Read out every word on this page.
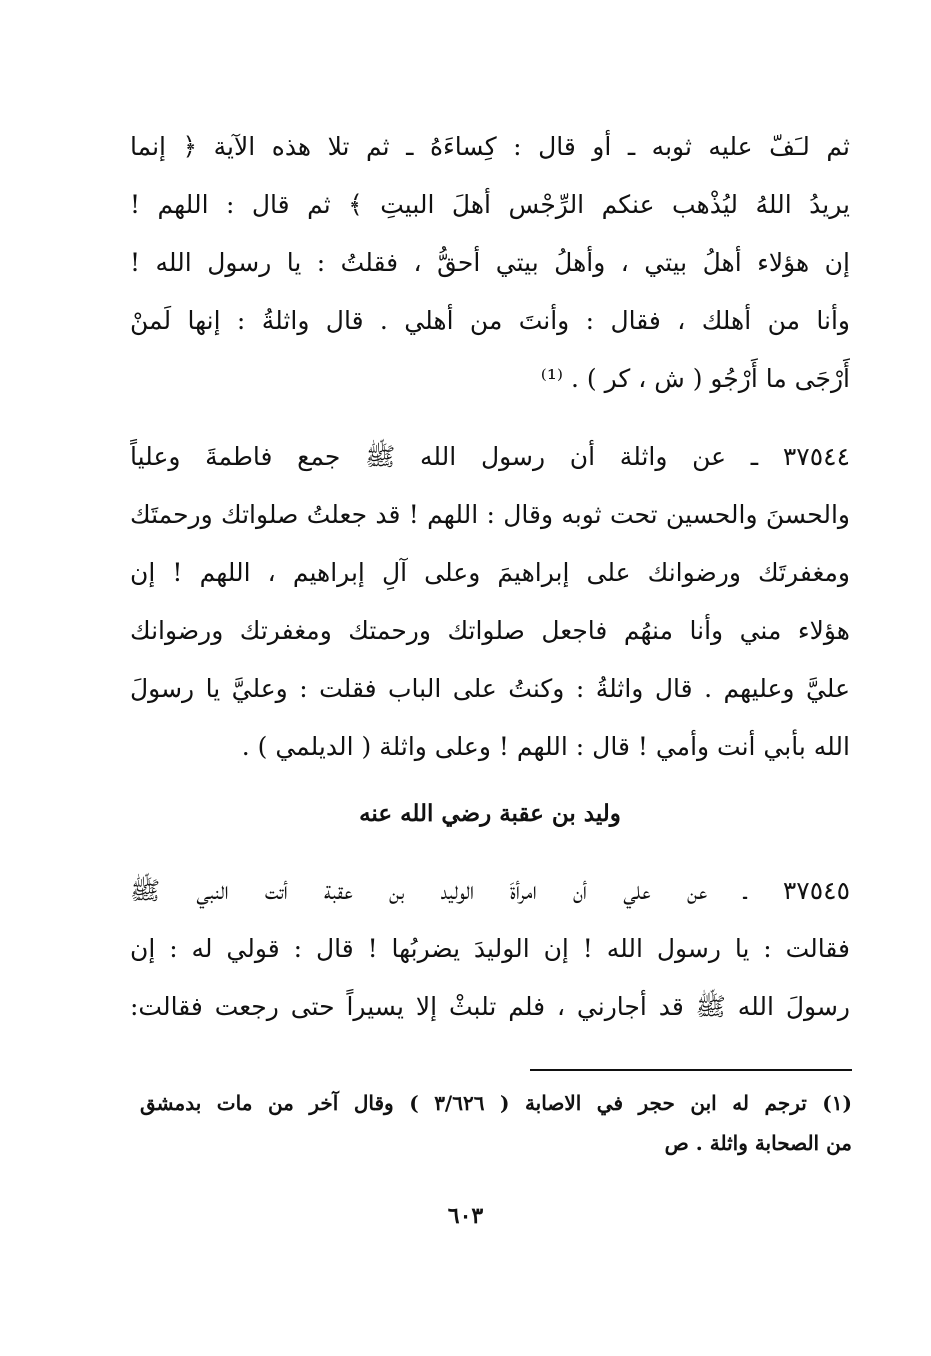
ثم لـَفّ عليه ثوبه ـ أو قال : كِساءَهُ ـ ثم تلا هذه الآية ﴿ إنما
يريدُ اللهُ ليُذْهب عنكم الرِّجْس أهلَ البيتِ ﴾ ثم قال : اللهم !
إن هؤلاء أهلُ بيتي ، وأهلُ بيتي أحقُّ ، فقلتُ : يا رسول الله !
وأنا من أهلك ، فقال : وأنتَ من أهلي . قال واثلةُ : إنها لَمنْ
أَرْجَى ما أَرْجُو ( ش ، كر ) . ⁽¹⁾
٣٧٥٤٤ ـ عن واثلة أن رسول الله ﷺ جمع فاطمةَ وعلياً
والحسنَ والحسين تحت ثوبه وقال : اللهم ! قد جعلتُ صلواتك ورحمتَك
ومغفرتَك ورضوانك على إبراهيمَ وعلى آلِ إبراهيم ، اللهم ! إن
هؤلاء مني وأنا منهُم فاجعل صلواتك ورحمتك ومغفرتك ورضوانك
عليَّ وعليهم . قال واثلةُ : وكنتُ على الباب فقلت : وعليَّ يا رسولَ
الله بأبي أنت وأمي ! قال : اللهم ! وعلى واثلة ( الديلمي ) .
وليد بن عقبة رضي الله عنه
٣٧٥٤٥ ـ عن علي أن امرأةَ الوليد بن عقبة أتت النبي ﷺ
فقالت : يا رسول الله ! إن الوليدَ يضربُها ! قال : قولي له : إن
رسولَ الله ﷺ قد أجارني ، فلم تلبثْ إلا يسيراً حتى رجعت فقالت:
(١) ترجم له ابن حجر في الاصابة ( ٣/٦٢٦ ) وقال آخر من مات بدمشق
من الصحابة واثلة . ص
٦٠٣
